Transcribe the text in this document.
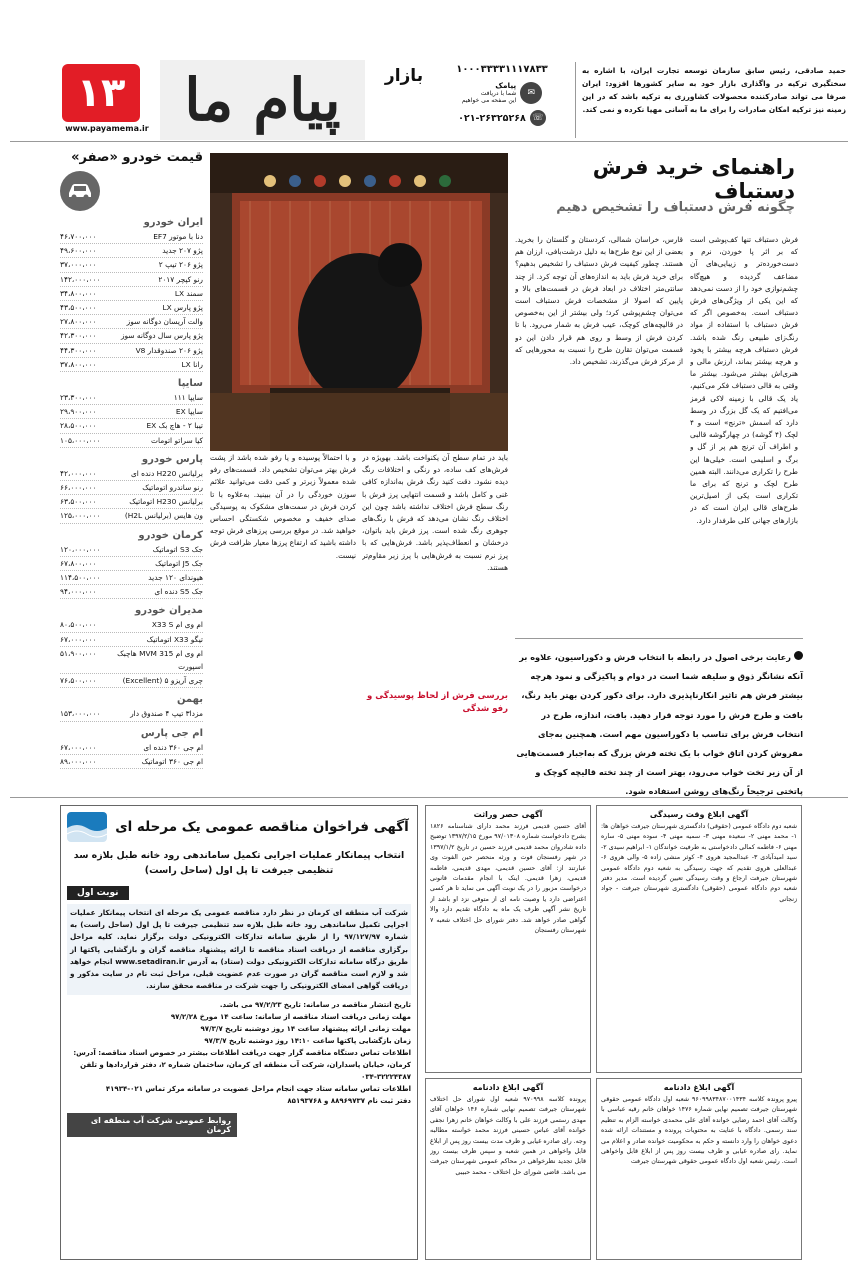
۱۳
www.payamema.ir پیام ما	بازار	۱۰۰۰۳۳۳۳۱۱۱۷۸۳۳
پیامک
شما با دریافت
این صفحه می خواهیم
✉
۰۲۱-۲۶۳۲۵۲۶۸ ☏
حمید صادقی، رئیس سابق سازمان توسعه تجارت ایران، با اشاره به سختگیری ترکیه در واگذاری بازار خود به سایر کشورها افزود: ایران صرفا می تواند صادرکننده محصولات کشاورزی به ترکیه باشد که در این زمینه نیز ترکیه امکان صادرات را برای ما به آسانی مهیا نکرده و نمی کند.
قیمت خودرو «صفر»
ایران خودرو
دنا با موتور EF7
۴۶،۷۰۰،۰۰۰
پژو ۲۰۷ جدید
۴۹،۶۰۰،۰۰۰
پژو ۲۰۶ تیپ ۲
۳۷،۰۰۰،۰۰۰
رنو کپچر ۲۰۱۷
۱۴۲،۰۰۰،۰۰۰
سمند LX
۳۴،۸۰۰،۰۰۰
پژو پارس LX
۴۳،۵۰۰،۰۰۰
والت آریسان دوگانه سوز
۲۷،۸۰۰،۰۰۰
پژو پارس سال دوگانه سوز
۴۲،۳۰۰،۰۰۰
پژو ۲۰۶ صندوقدار V8
۴۴،۳۰۰،۰۰۰
رانا LX
۳۷،۸۰۰،۰۰۰
سایپا
سایپا ۱۱۱
۲۳،۳۰۰،۰۰۰
سایپا EX
۲۹،۹۰۰،۰۰۰
تیبا ۲ - هاچ بک EX
۲۸،۵۰۰،۰۰۰
کیا سراتو اتومات
۱۰۵،۰۰۰،۰۰۰
پارس خودرو
برلیانس H220 دنده ای
۴۲،۰۰۰،۰۰۰
رنو ساندرو اتوماتیک
۶۶،۰۰۰،۰۰۰
برلیانس H230 اتوماتیک
۶۳،۵۰۰،۰۰۰
ون هایس (برلیانس H2L)
۱۲۵،۰۰۰،۰۰۰
کرمان خودرو
جک S3 اتوماتیک
۱۲۰،۰۰۰،۰۰۰
جک J5 اتوماتیک
۶۷،۸۰۰،۰۰۰
هیوندای ۱۲۰ جدید
۱۱۴،۵۰۰،۰۰۰
جک S5 دنده ای
۹۴،۰۰۰،۰۰۰
مدیران خودرو
ام وی ام X33 S
۸۰،۵۰۰،۰۰۰
تیگو X33 اتوماتیک
۶۷،۰۰۰،۰۰۰
ام وی ام MVM 315 هاچبک اسپورت
۵۱،۹۰۰،۰۰۰
چری آریزو ۵ (Excellent)
۷۶،۵۰۰،۰۰۰
بهمن
مزدا۳ تیپ ۴ صندوق دار
۱۵۳،۰۰۰،۰۰۰
ام جی پارس
ام جی ۳۶۰ دنده ای
۶۷،۰۰۰،۰۰۰
ام جی ۳۶۰ اتوماتیک
۸۹،۰۰۰،۰۰۰
راهنمای خرید فرش دستباف
چگونه فرش دستباف را تشخیص دهیم
فرش دستباف تنها کف‌پوشی است که بر اثر پا خوردن، نرم و دست‌خورده‌تر و زیبایی‌های آن مضاعف گردیده و هیچ‌گاه چشم‌نوازی خود را از دست نمی‌دهد که این یکی از ویژگی‌های فرش دستباف است. به‌خصوص اگر که فرش دستباف با استفاده از مواد رنگ‌زای طبیعی رنگ شده باشد. فرش دستباف هرچه بیشتر با پخود و هرچه بیشتر بماند، ارزش مالی و هنری‌اش بیشتر می‌شود. بیشتر ما وقتی به قالی دستباف فکر می‌کنیم، یاد یک قالی با زمینه لاکی قرمز می‌افتیم که یک گل بزرگ در وسط دارد که اسمش «ترنج» است و ۴ لچک (۴ گوشه) در چهارگوشه قالبی و اطراف آن ترنج هم پر از گل و برگ و اسلیمی است. خیلی‌ها این طرح را تکراری می‌دانند. البته همین طرح لچک و ترنج که برای ما تکراری است یکی از اصیل‌ترین طرح‌های قالی ایران است که در بازارهای جهانی کلی طرفدار دارد.
قارس، خراسان شمالی، کردستان و گلستان را بخرید. بعضی از این نوع طرح‌ها به دلیل درشت‌بافی، ارزان هم هستند. چطور کیفیت فرش دستباف را تشخیص بدهیم؟ برای خرید فرش باید به اندازه‌های آن توجه کرد. از چند سانتی‌متر اختلاف در ابعاد فرش در قسمت‌های بالا و پایین که اصولا از مشخصات فرش دستباف است می‌توان چشم‌پوشی کرد؛ ولی بیشتر از این به‌خصوص در قالیچه‌های کوچک، عیب فرش به شمار می‌رود. با تا کردن فرش از وسط و روی هم قرار دادن این دو قسمت می‌توان تقارن طرح را نسبت به محورهایی که از مرکز فرش می‌گذرند، تشخیص داد.
باید در تمام سطح آن یکنواخت باشد. بهویژه در فرش‌های کف ساده، دو رنگی و اختلافات رنگ دیده نشود. دقت کنید رنگ فرش به‌اندازه کافی غنی و کامل باشد و قسمت انتهایی پرز فرش با رنگ سطح فرش اختلاف نداشته باشد چون این اختلاف رنگ نشان می‌دهد که فرش با رنگ‌های جوهری رنگ شده است. پرز فرش باید باتوان، درخشان و انعطاف‌پذیر باشد. فرش‌هایی که با پرز نرم نسبت به فرش‌هایی با پرز زبر مقاوم‌تر هستند.
بررسی فرش از لحاظ پوسیدگی و رفو شدگی
و با احتمالاً پوسیده و یا رفو شده باشد از پشت فرش بهتر می‌توان تشخیص داد. قسمت‌های رفو شده معمولاً زبرتر و کمی دقت می‌توانید علائم سوزن خوردگی را در آن ببینید. به‌علاوه با تا کردن فرش در سمت‌های مشکوک به پوسیدگی صدای خفیف و مخصوص شکستگی احساس خواهید شد. در موقع بررسی پرزهای فرش توجه داشته باشید که ارتفاع پرزها معیار ظرافت فرش نیست.
رعایت برخی اصول در رابطه با انتخاب فرش و دکوراسیون، علاوه بر آنکه نشانگر ذوق و سلیقه شما است در دوام و پاکیزگی و نمود هرچه بیشتر فرش هم تاثیر انکارناپذیری دارد. برای دکور کردن بهتر باید رنگ، بافت و طرح فرش را مورد توجه قرار دهید. بافت، اندازه، طرح در انتخاب فرش برای تناسب با دکوراسیون مهم است. همچنین به‌جای مفروش کردن اتاق خواب با یک تخته فرش بزرگ که به‌اجبار قسمت‌هایی از آن زیر تخت خواب می‌رود، بهتر است از چند تخته قالیچه کوچک و پاتختی ترجیحاً رنگ‌های روشن استفاده شود.
آگهی فراخوان مناقصه عمومی یک مرحله ای
انتخاب پیمانکار عملیات اجرایی تکمیل ساماندهی رود خانه طبل بلازه سد تنظیمی جیرفت تا پل اول (ساحل راست)
نوبت اول
شرکت آب منطقه ای کرمان در نظر دارد مناقصه عمومی یک مرحله ای انتخاب پیمانکار عملیات اجرایی تکمیل ساماندهی رود خانه طبل بلازه سد تنظیمی جیرفت تا پل اول (ساحل راست) به شماره ۹۷/۱۲۷/۹۷ را از طریق سامانه تدارکات الکترونیکی دولت برگزار نماید. کلیه مراحل برگزاری مناقصه از دریافت اسناد مناقصه تا ارائه پیشنهاد مناقصه گران و بازگشایی پاکتها از طریق درگاه سامانه تدارکات الکترونیکی دولت (ستاد) به آدرس www.setadiran.ir انجام خواهد شد و لازم است مناقصه گران در صورت عدم عضویت قبلی، مراحل ثبت نام در سایت مذکور و دریافت گواهی امضای الکترونیکی را جهت شرکت در مناقصه محقق سازند.
تاریخ انتشار مناقصه در سامانه: تاریخ ۹۷/۲/۲۳ می باشد.
مهلت زمانی دریافت اسناد مناقصه از سامانه: ساعت ۱۴ مورخ ۹۷/۲/۲۸
مهلت زمانی ارائه پیشنهاد ساعت ۱۴ روز دوشنبه تاریخ ۹۷/۳/۷
زمان بازگشایی پاکتها ساعت ۱۴:۱۰ روز دوشنبه تاریخ ۹۷/۳/۷
اطلاعات تماس دستگاه مناقصه گزار جهت دریافت اطلاعات بیشتر در خصوص اسناد مناقصه: آدرس: کرمان، خیابان پاسداران، شرکت آب منطقه ای کرمان، ساختمان شماره ۲، دفتر قراردادها و تلفن ۳۲۲۲۴۳۸۷-۰۳۴
اطلاعات تماس سامانه ستاد جهت انجام مراحل عضویت در سامانه مرکز تماس ۰۲۱-۴۱۹۳۴
دفتر ثبت نام ۸۸۹۶۹۷۳۷ و ۸۵۱۹۳۷۶۸
روابط عمومی شرکت آب منطقه ای کرمان
آگهی ابلاغ وقت رسیدگی
شعبه دوم دادگاه عمومی (حقوقی) دادگستری شهرستان جیرفت خواهان ها: ۱- محمد مهنی ۲- سعیده مهنی ۳- سمیه مهنی ۴- سوده مهنی ۵- ساره مهنی ۶- فاطمه کمالی دادخواستی به طرفیت خواندگان ۱- ابراهیم سیدی ۲- سید امیدآبادی ۳- عبدالمجید هروی ۴- کوثر منشی زاده ۵- والی هروی ۶- عبدالعلی هروی تقدیم که جهت رسیدگی به شعبه دوم دادگاه عمومی شهرستان جیرفت ارجاع و وقت رسیدگی تعیین گردیده است. مدیر دفتر شعبه دوم دادگاه عمومی (حقوقی) دادگستری شهرستان جیرفت - جواد زنجانی
آگهی حصر وراثت
آقای حسین قدیمی فرزند محمد دارای شناسنامه ۱۸۲۶ بشرح دادخواست شماره ۹۷/۰۱۳۰۸ مورخ ۱۳۹۷/۲/۱۵ توضیح داده شادروان محمد قدیمی فرزند حسین در تاریخ ۱۳۹۷/۱/۲ در شهر رفسنجان فوت و ورثه منحصر حین الفوت وی عبارتند از: آقای حسین قدیمی، مهدی قدیمی، فاطمه قدیمی، زهرا قدیمی. اینک با انجام مقدمات قانونی درخواست مزبور را در یک نوبت آگهی می نماید تا هر کسی اعتراضی دارد یا وصیت نامه ای از متوفی نزد او باشد از تاریخ نشر آگهی ظرف یک ماه به دادگاه تقدیم دارد والا گواهی صادر خواهد شد. دفتر شورای حل اختلاف شعبه ۷ شهرستان رفسنجان
آگهی ابلاغ دادنامه
پرونده کلاسه ۹۷۰۹۹۸ شعبه اول شورای حل اختلاف شهرستان جیرفت تصمیم نهایی شماره ۱۴۶ خواهان آقای مهدی رستمی فرزند علی با وکالت خواهان خانم زهرا نجفی خوانده آقای عباس حسینی فرزند محمد خواسته مطالبه وجه. رای صادره غیابی و ظرف مدت بیست روز پس از ابلاغ قابل واخواهی در همین شعبه و سپس ظرف بیست روز قابل تجدید نظرخواهی در محاکم عمومی شهرستان جیرفت می باشد. قاضی شورای حل اختلاف - محمد حبیبی
آگهی ابلاغ دادنامه
پیرو پرونده کلاسه ۹۶۰۹۹۸۳۴۸۷۰۰۱۴۳۴ شعبه اول دادگاه عمومی حقوقی شهرستان جیرفت تصمیم نهایی شماره ۱۴۷۶ خواهان خانم رقیه عباسی با وکالت آقای احمد رضایی خوانده آقای علی محمدی خواسته الزام به تنظیم سند رسمی. دادگاه با عنایت به محتویات پرونده و مستندات ارائه شده دعوی خواهان را وارد دانسته و حکم به محکومیت خوانده صادر و اعلام می نماید. رای صادره غیابی و ظرف بیست روز پس از ابلاغ قابل واخواهی است. رئیس شعبه اول دادگاه عمومی حقوقی شهرستان جیرفت
